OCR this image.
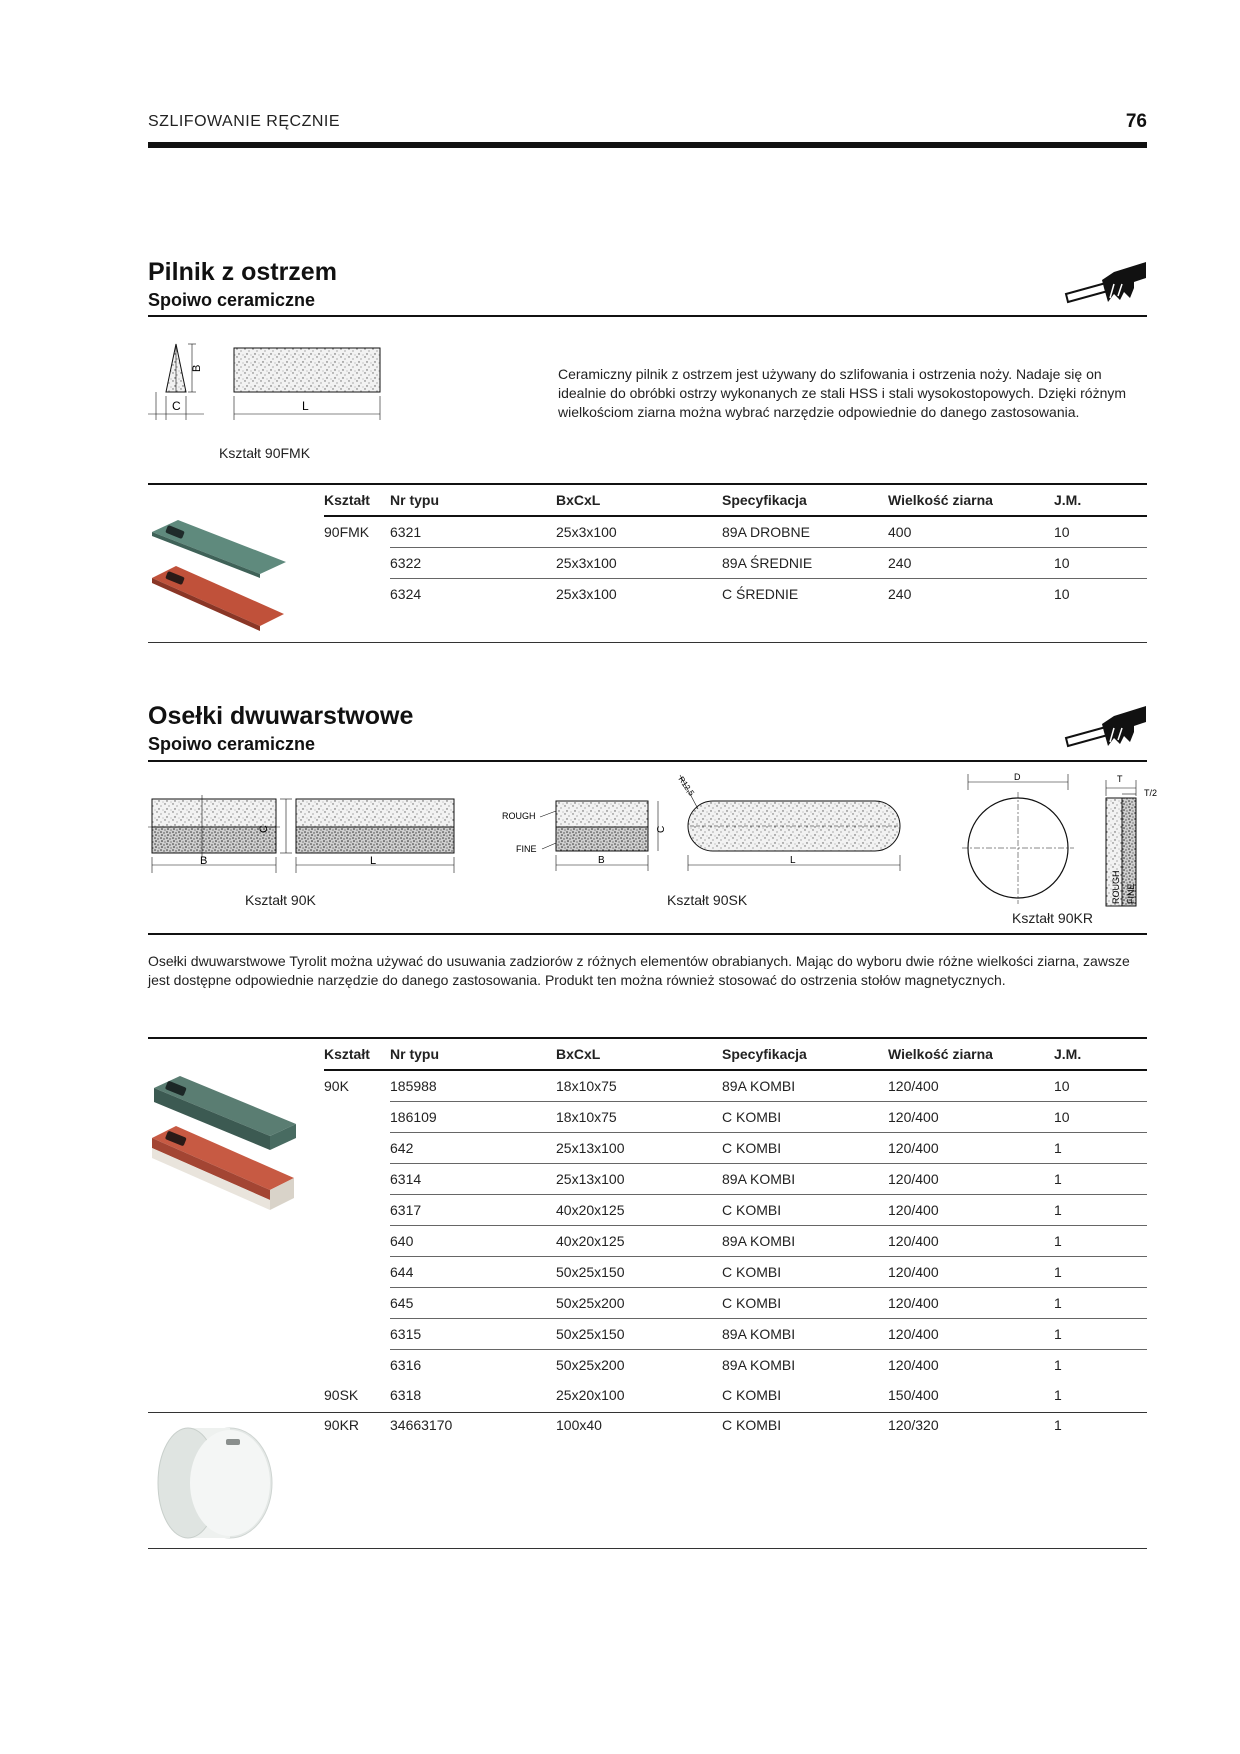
SZLIFOWANIE RĘCZNIE	76
Pilnik z ostrzem
Spoiwo ceramiczne
B
C	L
Kształt 90FMK
Ceramiczny pilnik z ostrzem jest używany do szlifowania i ostrzenia noży. Nadaje się on idealnie do obróbki ostrzy wykonanych ze stali HSS i stali wysokostopowych. Dzięki różnym wielkościom ziarna można wybrać narzędzie odpowiednie do danego zastosowania.
Kształt	Nr typu	BxCxL	Specyfikacja	Wielkość ziarna	J.M.

90FMK	6321	25x3x100	89A DROBNE	400	10
	6322	25x3x100	89A ŚREDNIE	240	10
	6324	25x3x100	C ŚREDNIE	240	10
Osełki dwuwarstwowe
Spoiwo ceramiczne
C
B	L
Kształt 90K
ROUGH
FINE
C
B
R12,5
L
Kształt 90SK
D	T
T/2
ROUGH FINE
Kształt 90KR
Osełki dwuwarstwowe Tyrolit można używać do usuwania zadziorów z różnych elementów obrabianych. Mając do wyboru dwie różne wielkości ziarna, zawsze jest dostępne odpowiednie narzędzie do danego zastosowania. Produkt ten można również stosować do ostrzenia stołów magnetycznych.
Kształt	Nr typu	BxCxL	Specyfikacja	Wielkość ziarna	J.M.

90K	185988	18x10x75	89A KOMBI	120/400	10
	186109	18x10x75	C KOMBI	120/400	10
	642	25x13x100	C KOMBI	120/400	1
	6314	25x13x100	89A KOMBI	120/400	1
	6317	40x20x125	C KOMBI	120/400	1
	640	40x20x125	89A KOMBI	120/400	1
	644	50x25x150	C KOMBI	120/400	1
	645	50x25x200	C KOMBI	120/400	1
	6315	50x25x150	89A KOMBI	120/400	1
	6316	50x25x200	89A KOMBI	120/400	1
90SK	6318	25x20x100	C KOMBI	150/400	1
90KR	34663170	100x40	C KOMBI	120/320	1
